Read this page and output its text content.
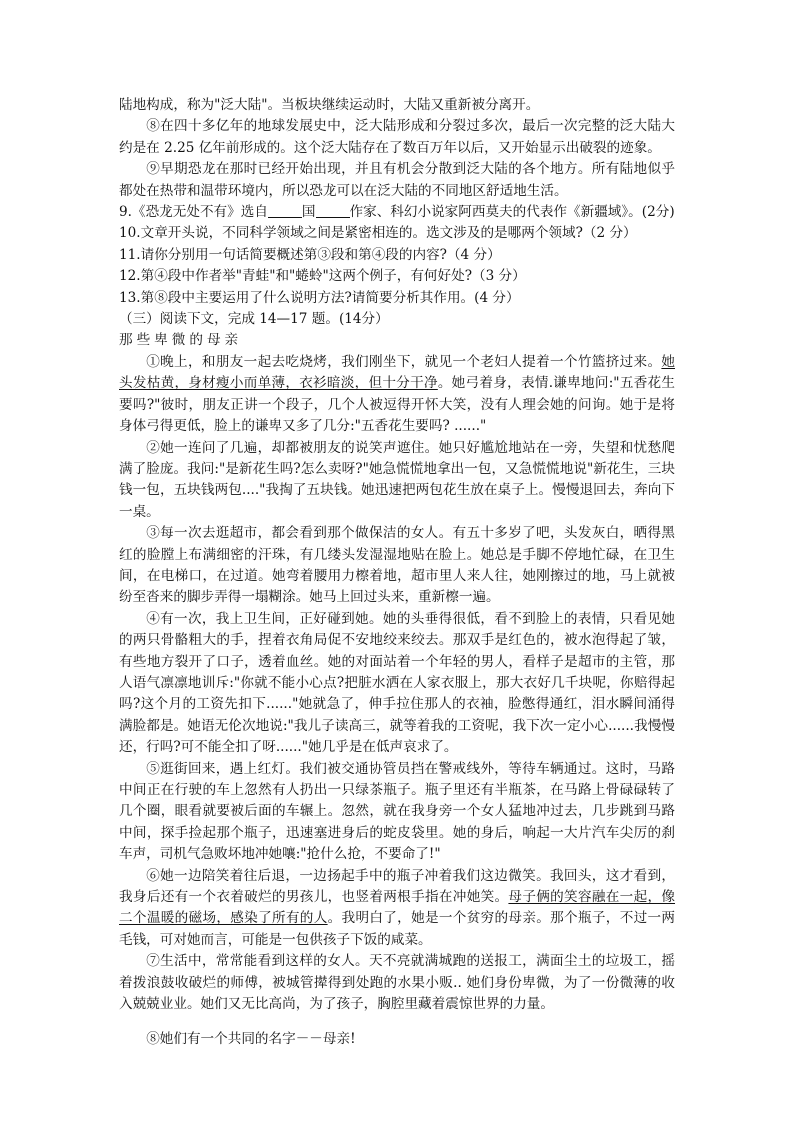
陆地构成，称为"泛大陆"。当板块继续运动时，大陆又重新被分离开。

⑧在四十多亿年的地球发展史中，泛大陆形成和分裂过多次，最后一次完整的泛大陆大约是在 2.25 亿年前形成的。这个泛大陆存在了数百万年以后，又开始显示出破裂的迹象。

⑨早期恐龙在那时已经开始出现，并且有机会分散到泛大陆的各个地方。所有陆地似乎都处在热带和温带环境内，所以恐龙可以在泛大陆的不同地区舒适地生活。

9.《恐龙无处不有》选自	国	作家、科幻小说家阿西莫夫的代表作《新疆域》。(2分)

10.文章开头说，不同科学领域之间是紧密相连的。选文涉及的是哪两个领域?（2 分）

11.请你分别用一句话简要概述第③段和第④段的内容?（4 分）

12.第④段中作者举"青蛙"和"蜷蛉"这两个例子，有何好处?（3 分）

13.第⑧段中主要运用了什么说明方法?请简要分析其作用。(4 分）

（三）阅读下文，完成 14—17 题。(14分）

那些卑微的母亲

①晚上，和朋友一起去吃烧烤，我们刚坐下，就见一个老妇人提着一个竹篮挤过来。她头发枯黄，身材瘦小而单薄，衣衫暗淡，但十分干净。她弓着身，表情.谦卑地问:"五香花生要吗?"彼时，朋友正讲一个段子，几个人被逗得开怀大笑，没有人理会她的问询。她于是将身体弓得更低，脸上的谦卑又多了几分:"五香花生要吗? ......"

②她一连问了几遍，却都被朋友的说笑声遮住。她只好尴尬地站在一旁，失望和忧愁爬满了脸庞。我问:"是新花生吗?怎么卖呀?"她急慌慌地拿出一包，又急慌慌地说"新花生，三块钱一包，五块钱两包...."我掏了五块钱。她迅速把两包花生放在桌子上。慢慢退回去，奔向下一桌。

③每一次去逛超市，都会看到那个做保洁的女人。有五十多岁了吧，头发灰白，晒得黑红的脸膛上布满细密的汗珠，有几缕头发湿湿地贴在脸上。她总是手脚不停地忙碌，在卫生间，在电梯口，在过道。她弯着腰用力檫着地，超市里人来人往，她刚擦过的地，马上就被纷至沓来的脚步弄得一塌糊涂。她马上回过头来，重新檫一遍。

④有一次，我上卫生间，正好碰到她。她的头垂得很低，看不到脸上的表情，只看见她的两只骨骼粗大的手，捏着衣角局促不安地绞来绞去。那双手是红色的，被水泡得起了皱，有些地方裂开了口子，透着血丝。她的对面站着一个年轻的男人，看样子是超市的主管，那人语气凛凛地训斥:"你就不能小心点?把脏水洒在人家衣服上，那大衣好几千块呢，你赔得起吗?这个月的工资先扣下......"她就急了，伸手拉住那人的衣袖，脸憋得通红，泪水瞬间涌得满脸都是。她语无伦次地说:"我儿子读高三，就等着我的工资呢，我下次一定小心......我慢慢还，行吗?可不能全扣了呀......"她几乎是在低声哀求了。

⑤逛街回来，遇上红灯。我们被交通协管员挡在警戒线外，等待车辆通过。这时，马路中间正在行驶的车上忽然有人扔出一只绿茶瓶子。瓶子里还有半瓶茶，在马路上骨碌碌转了几个圈，眼看就要被后面的车辗上。忽然，就在我身旁一个女人猛地冲过去，几步跳到马路中间，探手捡起那个瓶子，迅速塞进身后的蛇皮袋里。她的身后，响起一大片汽车尖厉的刹车声，司机气急败坏地冲她嚷:"抢什么抢，不要命了!"

⑥她一边陪笑着往后退，一边扬起手中的瓶子冲着我们这边微笑。我回头，这才看到，我身后还有一个衣着破烂的男孩儿，也竖着两根手指在冲她笑。母子俩的笑容融在一起，像二个温暖的磁场，感染了所有的人。我明白了，她是一个贫穷的母亲。那个瓶子，不过一两毛钱，可对她而言，可能是一包供孩子下饭的咸菜。

⑦生活中，常常能看到这样的女人。天不亮就满城跑的送报工，满面尘土的垃圾工，摇着拨浪鼓收破烂的师傅，被城管撵得到处跑的水果小贩.. 她们身份卑微，为了一份微薄的收入兢兢业业。她们又无比高尚，为了孩子，胸腔里藏着震惊世界的力量。

⑧她们有一个共同的名字－－母亲!
